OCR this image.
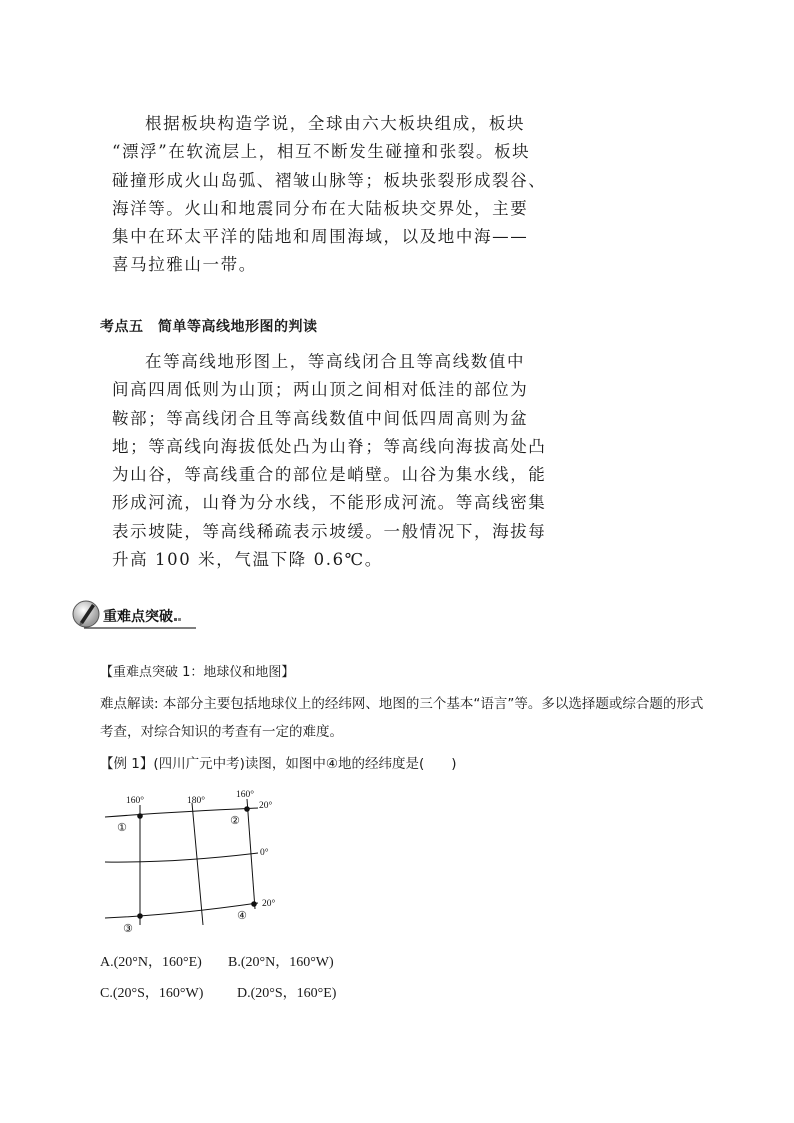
根据板块构造学说，全球由六大板块组成，板块
“漂浮”在软流层上，相互不断发生碰撞和张裂。板块
碰撞形成火山岛弧、褶皱山脉等；板块张裂形成裂谷、
海洋等。火山和地震同分布在大陆板块交界处，主要
集中在环太平洋的陆地和周围海域，以及地中海——
喜马拉雅山一带。
考点五　简单等高线地形图的判读
在等高线地形图上，等高线闭合且等高线数值中
间高四周低则为山顶；两山顶之间相对低洼的部位为
鞍部；等高线闭合且等高线数值中间低四周高则为盆
地；等高线向海拔低处凸为山脊；等高线向海拔高处凸
为山谷，等高线重合的部位是峭壁。山谷为集水线，能
形成河流，山脊为分水线，不能形成河流。等高线密集
表示坡陡，等高线稀疏表示坡缓。一般情况下，海拔每
升高 100 米，气温下降 0.6℃。
重难点突破
【重难点突破 1：地球仪和地图】
难点解读: 本部分主要包括地球仪上的经纬网、地图的三个基本“语言”等。多以选择题或综合题的形式
考查，对综合知识的考查有一定的难度。
【例 1】(四川广元中考)读图，如图中④地的经纬度是(　　)
160°	180°
160°
20°
0°
20°
①
②
③
④
A.(20°N，160°E) B.(20°N，160°W)
C.(20°S，160°W) D.(20°S，160°E)
